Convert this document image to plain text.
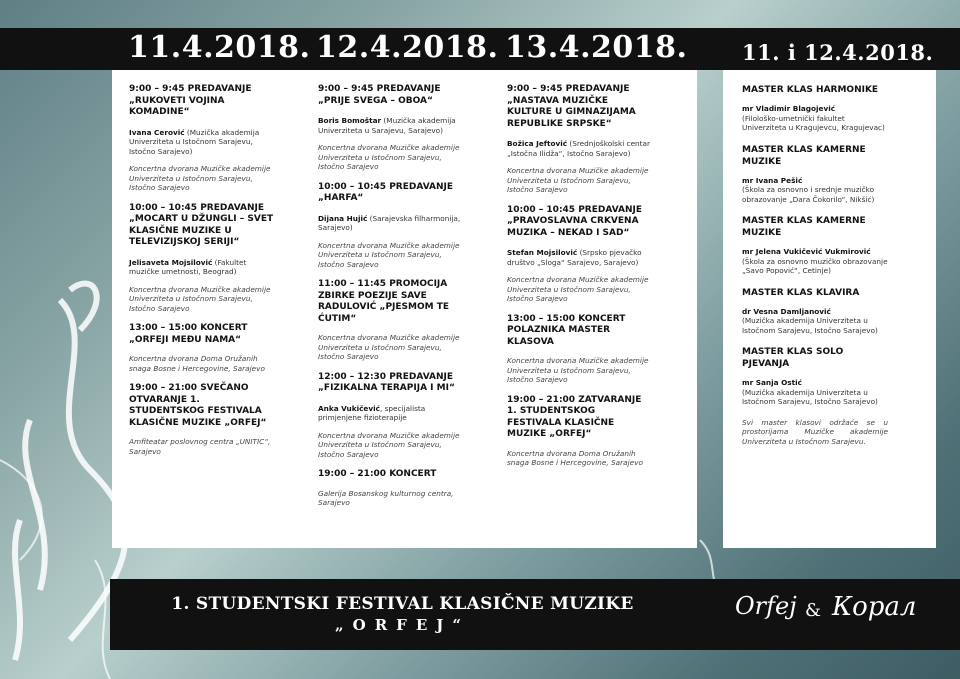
11.4.2018. 12.4.2018. 13.4.2018.	11. i 12.4.2018.
9:00 – 9:45 PREDAVANJE „RUKOVETI VOJINA KOMADINE“
Ivana Cerović (Muzička akademija Univerziteta u Istočnom Sarajevu, Istočno Sarajevo)
Koncertna dvorana Muzičke akademije Univerziteta u Istočnom Sarajevu, Istočno Sarajevo
10:00 – 10:45 PREDAVANJE „MOCART U DŽUNGLI – SVET KLASIČNE MUZIKE U TELEVIZIJSKOJ SERIJI“
Jelisaveta Mojsilović (Fakultet muzičke umetnosti, Beograd)
Koncertna dvorana Muzičke akademije Univerziteta u Istočnom Sarajevu, Istočno Sarajevo
13:00 – 15:00 KONCERT „ORFEJI MEĐU NAMA“
Koncertna dvorana Doma Oružanih snaga Bosne i Hercegovine, Sarajevo
19:00 – 21:00 SVEČANO OTVARANJE 1. STUDENTSKOG FESTIVALA KLASIČNE MUZIKE „ORFEJ“
Amfiteatar poslovnog centra „UNITIC“, Sarajevo
9:00 – 9:45 PREDAVANJE „PRIJE SVEGA – OBOA“
Boris Bomoštar (Muzička akademija Univerziteta u Sarajevu, Sarajevo)
Koncertna dvorana Muzičke akademije Univerziteta u Istočnom Sarajevu, Istočno Sarajevo
10:00 – 10:45 PREDAVANJE „HARFA“
Dijana Hujić (Sarajevska filharmonija, Sarajevo)
Koncertna dvorana Muzičke akademije Univerziteta u Istočnom Sarajevu, Istočno Sarajevo
11:00 – 11:45 PROMOCIJA ZBIRKE POEZIJE SAVE RADULOVIĆ „PJESMOM TE ĆUTIM“
Koncertna dvorana Muzičke akademije Univerziteta u Istočnom Sarajevu, Istočno Sarajevo
12:00 – 12:30 PREDAVANJE „FIZIKALNA TERAPIJA I MI“
Anka Vukičević, specijalista primjenjene fizioterapije
Koncertna dvorana Muzičke akademije Univerziteta u Istočnom Sarajevu, Istočno Sarajevo
19:00 – 21:00 KONCERT
Galerija Bosanskog kulturnog centra, Sarajevo
9:00 – 9:45 PREDAVANJE „NASTAVA MUZIČKE KULTURE U GIMNAZIJAMA REPUBLIKE SRPSKE“
Božica Jeftović (Srednjoškolski centar „Istočna Ilidža“, Istočno Sarajevo)
Koncertna dvorana Muzičke akademije Univerziteta u Istočnom Sarajevu, Istočno Sarajevo
10:00 – 10:45 PREDAVANJE „PRAVOSLAVNA CRKVENA MUZIKA – NEKAD I SAD“
Stefan Mojsilović (Srpsko pjevačko društvo „Sloga“ Sarajevo, Sarajevo)
Koncertna dvorana Muzičke akademije Univerziteta u Istočnom Sarajevu, Istočno Sarajevo
13:00 – 15:00 KONCERT POLAZNIKA MASTER KLASOVA
Koncertna dvorana Muzičke akademije Univerziteta u Istočnom Sarajevu, Istočno Sarajevo
19:00 – 21:00 ZATVARANJE 1. STUDENTSKOG FESTIVALA KLASIČNE MUZIKE „ORFEJ“
Koncertna dvorana Doma Oružanih snaga Bosne i Hercegovine, Sarajevo
MASTER KLAS HARMONIKE
mr Vladimir Blagojević
(Filološko-umetnički fakultet Univerziteta u Kragujevcu, Kragujevac)
MASTER KLAS KAMERNE MUZIKE
mr Ivana Pešić
(Škola za osnovno i srednje muzičko obrazovanje „Dara Čokorilo“, Nikšić)
MASTER KLAS KAMERNE MUZIKE
mr Jelena Vukičević Vukmirović
(Škola za osnovno muzičko obrazovanje „Savo Popović“, Cetinje)
MASTER KLAS KLAVIRA
dr Vesna Damljanović
(Muzička akademija Univerziteta u Istočnom Sarajevu, Istočno Sarajevo)
MASTER KLAS SOLO PJEVANJA
mr Sanja Ostić
(Muzička akademija Univerziteta u Istočnom Sarajevu, Istočno Sarajevo)
Svi master klasovi održaće se u prostorijama Muzičke akademije Univerziteta u Istočnom Sarajevu.
1. STUDENTSKI FESTIVAL KLASIČNE MUZIKE
„ORFEJ“
Orfej & Корал
